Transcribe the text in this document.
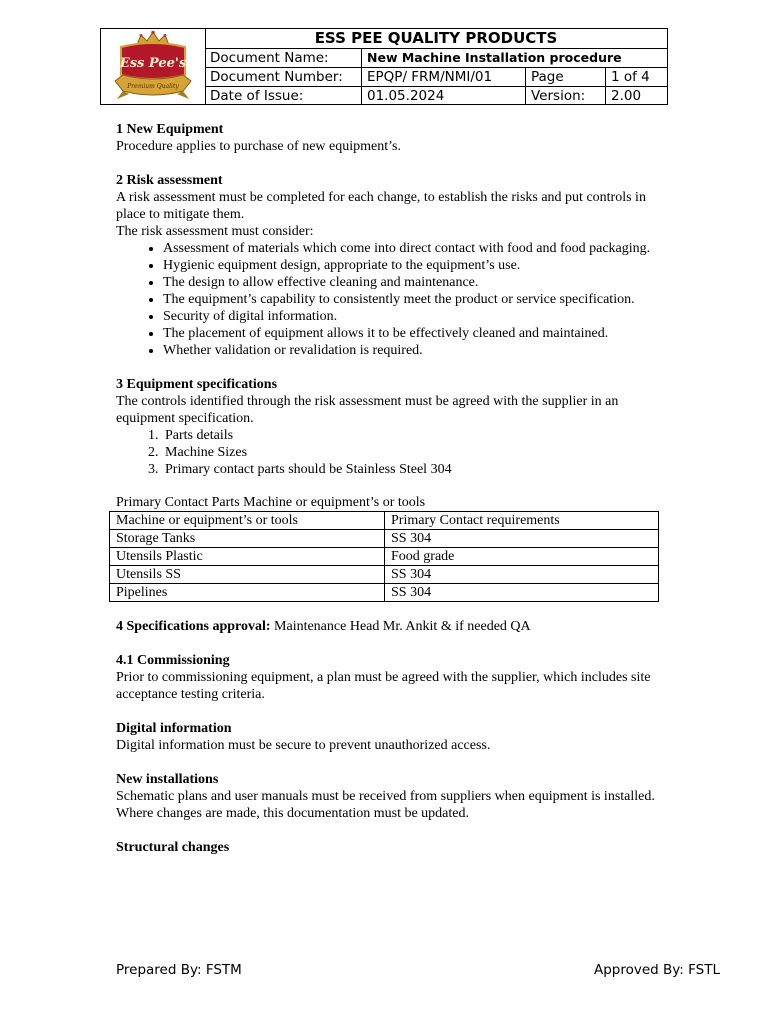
Ess Pee's
Premium Quality
ESS PEE QUALITY PRODUCTS
Document Name:	New Machine Installation procedure
Document Number:	EPQP/ FRM/NMI/01	Page	1 of 4
Date of Issue:	01.05.2024	Version:	2.00
1 New Equipment

Procedure applies to purchase of new equipment’s.

2 Risk assessment

A risk assessment must be completed for each change, to establish the risks and put controls in place to mitigate them.

The risk assessment must consider:

• Assessment of materials which come into direct contact with food and food packaging.
• Hygienic equipment design, appropriate to the equipment’s use.
• The design to allow effective cleaning and maintenance.
• The equipment’s capability to consistently meet the product or service specification.
• Security of digital information.
• The placement of equipment allows it to be effectively cleaned and maintained.
• Whether validation or revalidation is required.
3 Equipment specifications

The controls identified through the risk assessment must be agreed with the supplier in an equipment specification.

1. Parts details
2. Machine Sizes
3. Primary contact parts should be Stainless Steel 304

Primary Contact Parts Machine or equipment’s or tools

Machine or equipment’s or tools	Primary Contact requirements
Storage Tanks	SS 304
Utensils Plastic	Food grade
Utensils SS	SS 304
Pipelines	SS 304

4 Specifications approval: Maintenance Head Mr. Ankit & if needed QA

4.1 Commissioning

Prior to commissioning equipment, a plan must be agreed with the supplier, which includes site acceptance testing criteria.

Digital information

Digital information must be secure to prevent unauthorized access.

New installations

Schematic plans and user manuals must be received from suppliers when equipment is installed. Where changes are made, this documentation must be updated.

Structural changes
Prepared By: FSTM	Approved By: FSTL
